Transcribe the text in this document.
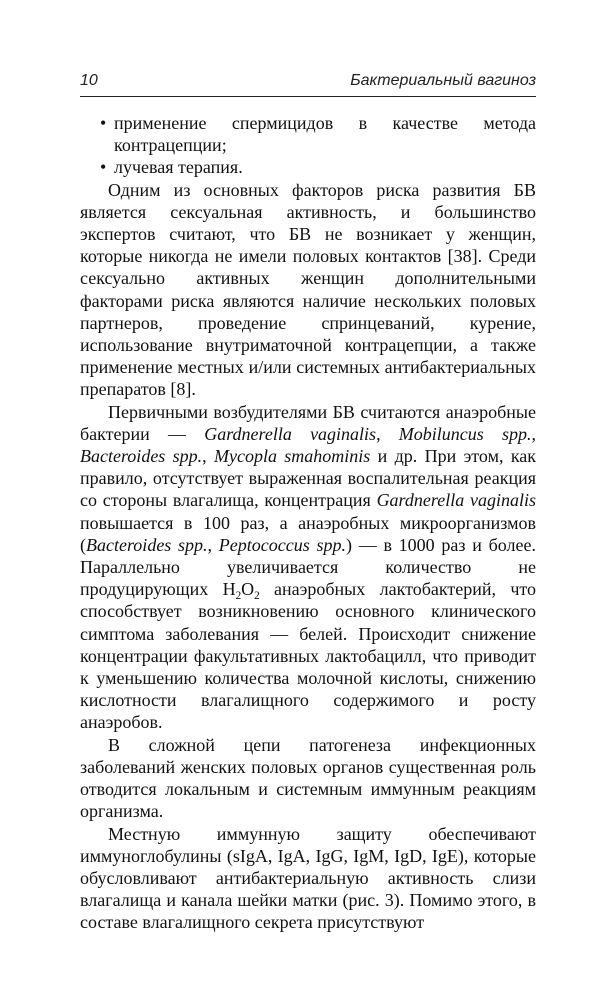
10	Бактериальный вагиноз
• применение спермицидов в качестве метода контрацепции;
• лучевая терапия.

Одним из основных факторов риска развития БВ является сексуальная активность, и большинство экспертов считают, что БВ не возникает у женщин, которые никогда не имели половых контактов [38]. Среди сексуально активных женщин дополнительными факторами риска являются наличие нескольких половых партнеров, проведение спринцеваний, курение, использование внутриматочной контрацепции, а также применение местных и/или системных антибактериальных препаратов [8].

Первичными возбудителями БВ считаются анаэробные бактерии — Gardnerella vaginalis, Mobiluncus spp., Bacteroides spp., Mycopla smahominis и др. При этом, как правило, отсутствует выраженная воспалительная реакция со стороны влагалища, концентрация Gardnerella vaginalis повышается в 100 раз, а анаэробных микроорганизмов (Bacteroides spp., Peptococcus spp.) — в 1000 раз и более. Параллельно увеличивается количество не продуцирующих $H_2O_2$ анаэробных лактобактерий, что способствует возникновению основного клинического симптома заболевания — белей. Происходит снижение концентрации факультативных лактобацилл, что приводит к уменьшению количества молочной кислоты, снижению кислотности влагалищного содержимого и росту анаэробов.

В сложной цепи патогенеза инфекционных заболеваний женских половых органов существенная роль отводится локальным и системным иммунным реакциям организма.

Местную иммунную защиту обеспечивают иммуноглобулины (sIgA, IgA, IgG, IgM, IgD, IgE), которые обусловливают антибактериальную активность слизи влагалища и канала шейки матки (рис. 3). Помимо этого, в составе влагалищного секрета присутствуют
